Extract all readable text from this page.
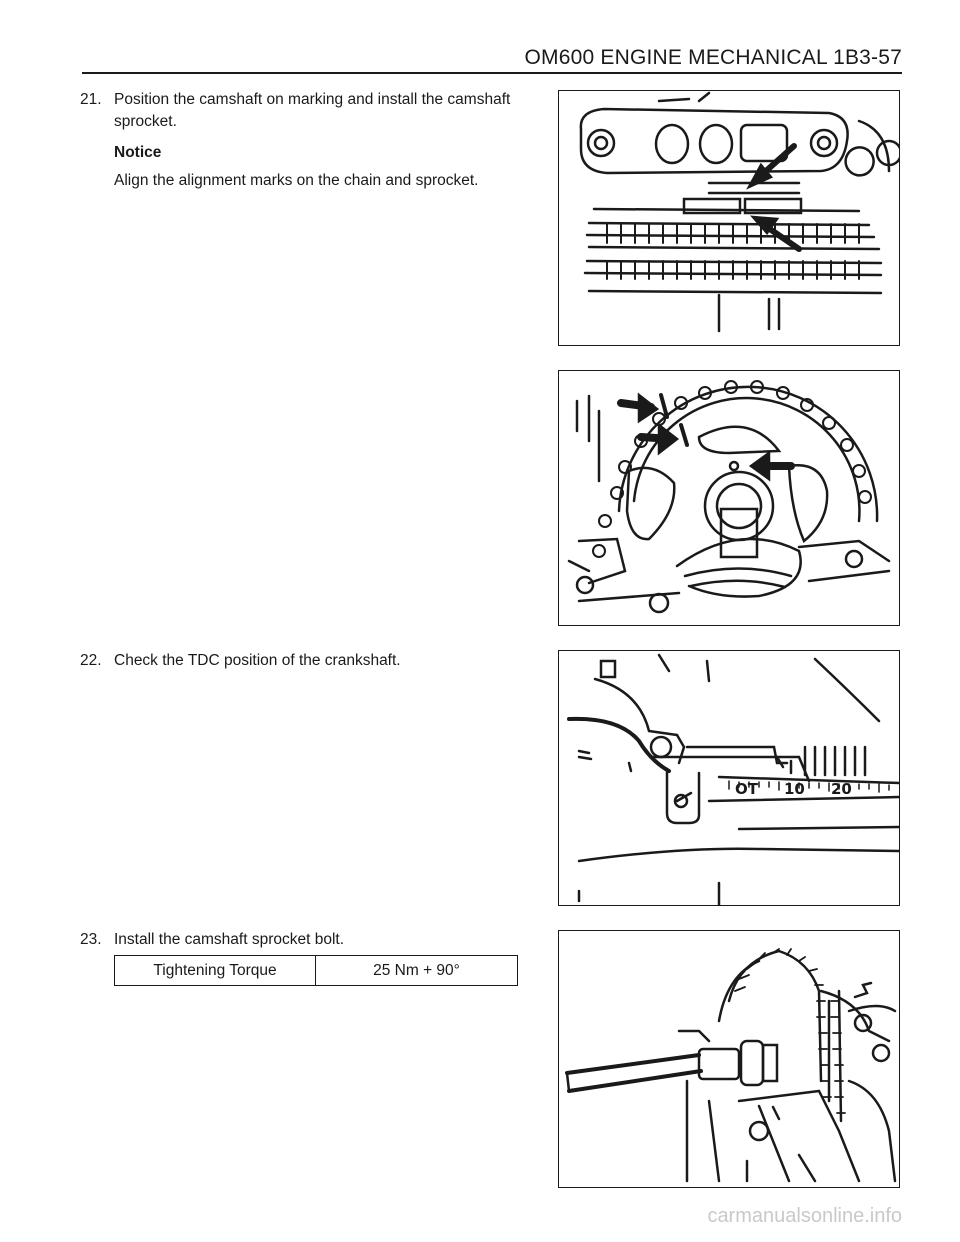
OM600 ENGINE MECHANICAL 1B3-57
21. Position the camshaft on marking and install the camshaft sprocket.
Notice
Align the alignment marks on the chain and sprocket.
22. Check the TDC position of the crankshaft.
23. Install the camshaft sprocket bolt.
Tightening Torque	25 Nm + 90°
OT 10 20
carmanualsonline.info
